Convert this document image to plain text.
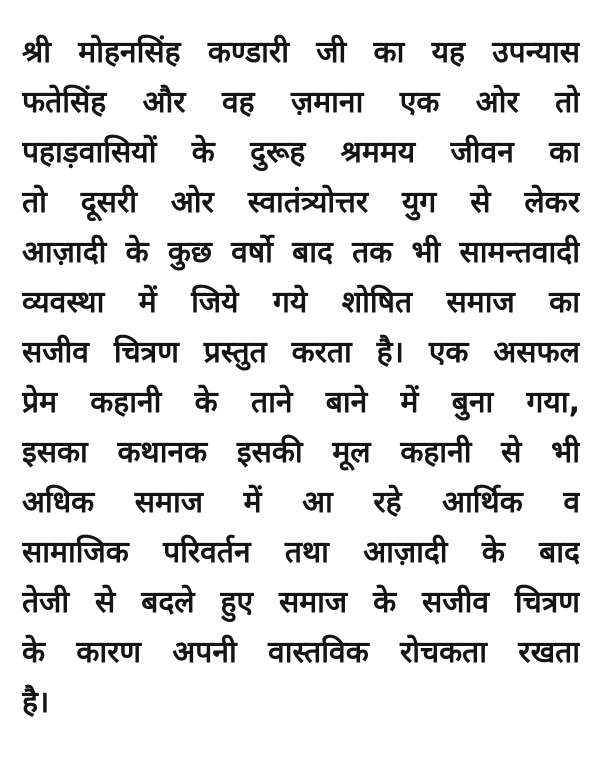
श्री मोहनसिंह कण्डारी जी का यह उपन्यास
फतेसिंह और वह ज़माना एक ओर तो
पहाड़वासियों के दुरूह श्रममय जीवन का
तो दूसरी ओर स्वातंत्र्योत्तर युग से लेकर
आज़ादी के कुछ वर्षो बाद तक भी सामन्तवादी
व्यवस्था में जिये गये शोषित समाज का
सजीव चित्रण प्रस्तुत करता है। एक असफल
प्रेम कहानी के ताने बाने में बुना गया,
इसका कथानक इसकी मूल कहानी से भी
अधिक समाज में आ रहे आर्थिक व
सामाजिक परिवर्तन तथा आज़ादी के बाद
तेजी से बदले हुए समाज के सजीव चित्रण
के कारण अपनी वास्तविक रोचकता रखता
है।
